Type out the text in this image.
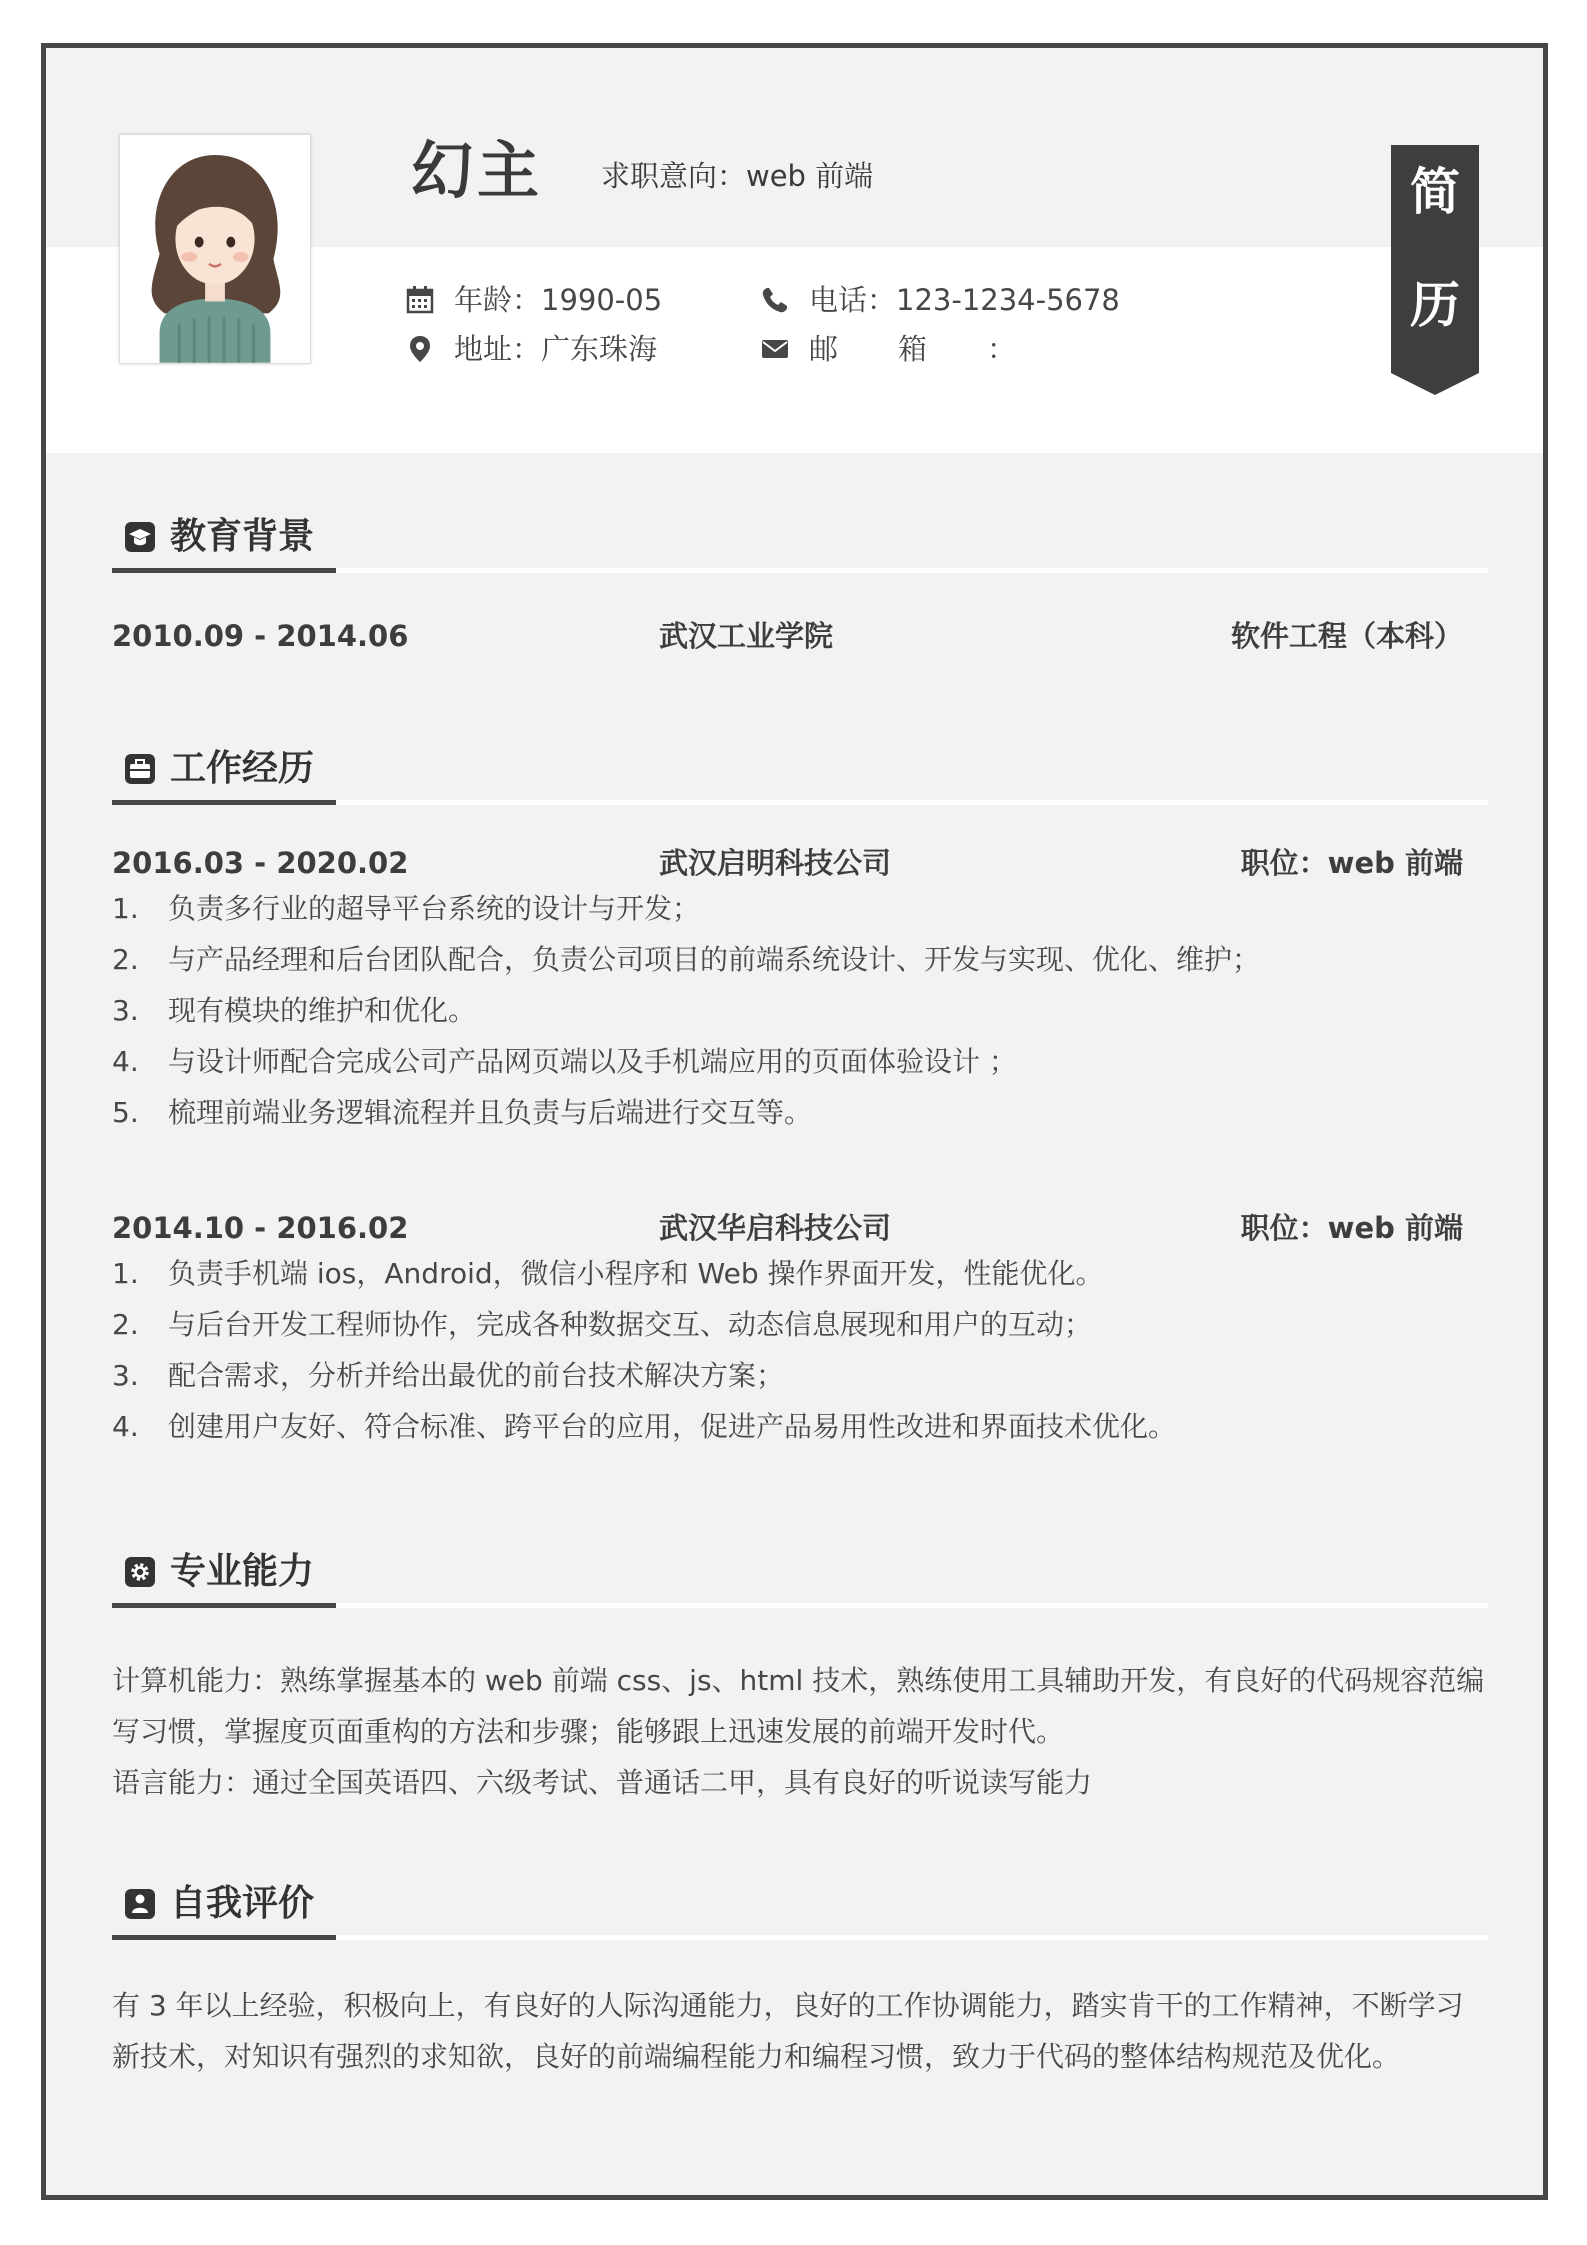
幻主 求职意向：web 前端
年龄：1990-05	电话：123-1234-5678
地址：广东珠海	邮箱：
简
历
教育背景
2010.09 - 2014.06	武汉工业学院	软件工程（本科）
工作经历
2016.03 - 2020.02	武汉启明科技公司	职位：web 前端
1.	负责多行业的超导平台系统的设计与开发；
2.	与产品经理和后台团队配合，负责公司项目的前端系统设计、开发与实现、优化、维护；
3.	现有模块的维护和优化。
4.	与设计师配合完成公司产品网页端以及手机端应用的页面体验设计 ；
5.	梳理前端业务逻辑流程并且负责与后端进行交互等。
2014.10 - 2016.02	武汉华启科技公司	职位：web 前端
1.	负责手机端 ios，Android，微信小程序和 Web 操作界面开发，性能优化。
2.	与后台开发工程师协作，完成各种数据交互、动态信息展现和用户的互动；
3.	配合需求，分析并给出最优的前台技术解决方案；
4.	创建用户友好、符合标准、跨平台的应用，促进产品易用性改进和界面技术优化。
专业能力
计算机能力：熟练掌握基本的 web 前端 css、js、html 技术，熟练使用工具辅助开发，有良好的代码规容范编
写习惯，掌握度页面重构的方法和步骤；能够跟上迅速发展的前端开发时代。
语言能力：通过全国英语四、六级考试、普通话二甲，具有良好的听说读写能力
自我评价
有 3 年以上经验，积极向上，有良好的人际沟通能力，良好的工作协调能力，踏实肯干的工作精神，不断学习
新技术，对知识有强烈的求知欲，良好的前端编程能力和编程习惯，致力于代码的整体结构规范及优化。
